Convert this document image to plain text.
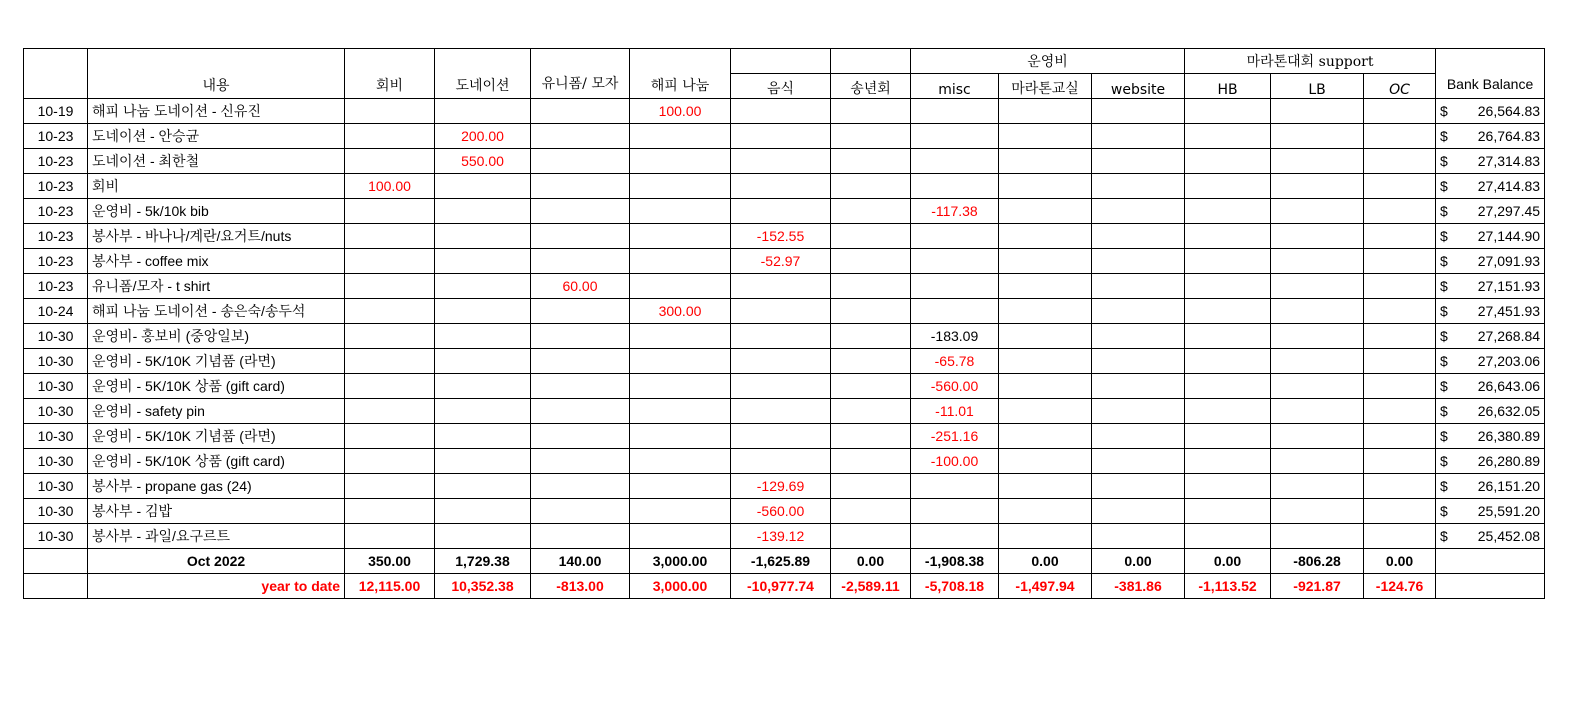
	내용	회비	도네이션	유니폼/ 모자	해피 나눔			운영비			마라톤대회 support			Bank Balance
						음식	송년회	misc	마라톤교실	website	HB	LB	OC	
10-19	해피 나눔 도네이션 - 신유진				100.00									$ 26,564.83

10-23	도네이션 - 안승균		200.00											$ 26,764.83

10-23	도네이션 - 최한철		550.00											$ 27,314.83

10-23	회비	100.00												$ 27,414.83

10-23	운영비 - 5k/10k bib							-117.38						$ 27,297.45

10-23	봉사부 - 바나나/계란/요거트/nuts					-152.55								$ 27,144.90

10-23	봉사부 - coffee mix					-52.97								$ 27,091.93

10-23	유니폼/모자 - t shirt			60.00										$ 27,151.93

10-24	해피 나눔 도네이션 - 송은숙/송두석				300.00									$ 27,451.93

10-30	운영비- 홍보비 (중앙일보)							-183.09						$ 27,268.84

10-30	운영비 - 5K/10K 기념품 (라면)							-65.78						$ 27,203.06

10-30	운영비 - 5K/10K 상품 (gift card)							-560.00						$ 26,643.06

10-30	운영비 - safety pin							-11.01						$ 26,632.05

10-30	운영비 - 5K/10K 기념품 (라면)							-251.16						$ 26,380.89

10-30	운영비 - 5K/10K 상품 (gift card)							-100.00						$ 26,280.89

10-30	봉사부 - propane gas (24)					-129.69								$ 26,151.20

10-30	봉사부 - 김밥					-560.00								$ 25,591.20

10-30	봉사부 - 과일/요구르트					-139.12								$ 25,452.08

	Oct 2022	350.00	1,729.38	140.00	3,000.00	-1,625.89	0.00	-1,908.38	0.00	0.00	0.00	-806.28	0.00	
	year to date	12,115.00	10,352.38	-813.00	3,000.00	-10,977.74	-2,589.11	-5,708.18	-1,497.94	-381.86	-1,113.52	-921.87	-124.76	
